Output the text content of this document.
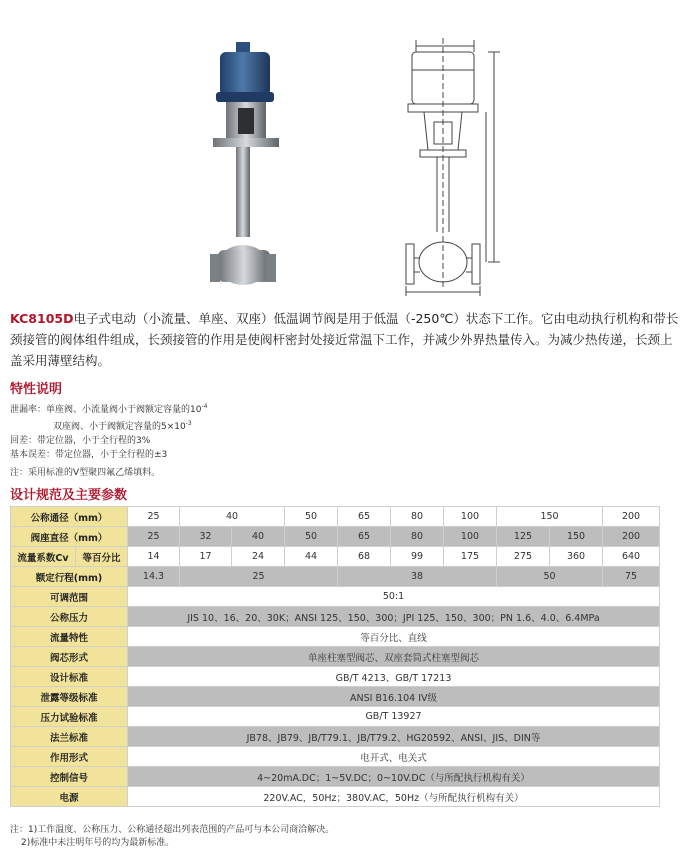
KC8105D电子式电动（小流量、单座、双座）低温调节阀是用于低温（-250℃）状态下工作。它由电动执行机构和带长颈接管的阀体组件组成，长颈接管的作用是使阀杆密封处接近常温下工作，并减少外界热量传入。为减少热传递，长颈上盖采用薄壁结构。
特性说明
泄漏率：单座阀、小流量阀小于阀额定容量的$10^{-4}$
双座阀、小于阀额定容量的$5\times 10^{-3}$
回差：带定位器，小于全行程的3%
基本误差：带定位器，小于全行程的±3
注：采用标准的V型聚四氟乙烯填料。
设计规范及主要参数
公称通径（mm）		25	40		50	65	80	100	150		200
阀座直径（mm）		25	32	40	50	65	80	100	125	150	200
流量系数Cv	等百分比	14	17	24	44	68	99	175	275	360	640
额定行程(mm)		14.3	25			38			50		75
可调范围		50:1									
公称压力		JIS 10、16、20、30K；ANSI 125、150、300；JPI 125、150、300；PN 1.6、4.0、6.4MPa									
流量特性		等百分比、直线									
阀芯形式		单座柱塞型阀芯、双座套筒式柱塞型阀芯									
设计标准		GB/T 4213、GB/T 17213									
泄露等级标准		ANSI B16.104 IV级									
压力试验标准		GB/T 13927									
法兰标准		JB78、JB79、JB/T79.1、JB/T79.2、HG20592、ANSI、JIS、DIN等									
作用形式		电开式、电关式									
控制信号		4~20mA.DC；1~5V.DC；0~10V.DC（与所配执行机构有关）									
电源		220V.AC，50Hz；380V.AC，50Hz（与所配执行机构有关）									
注：1)工作温度、公称压力、公称通径超出列表范围的产品可与本公司商洽解决。
2)标准中未注明年号的均为最新标准。
